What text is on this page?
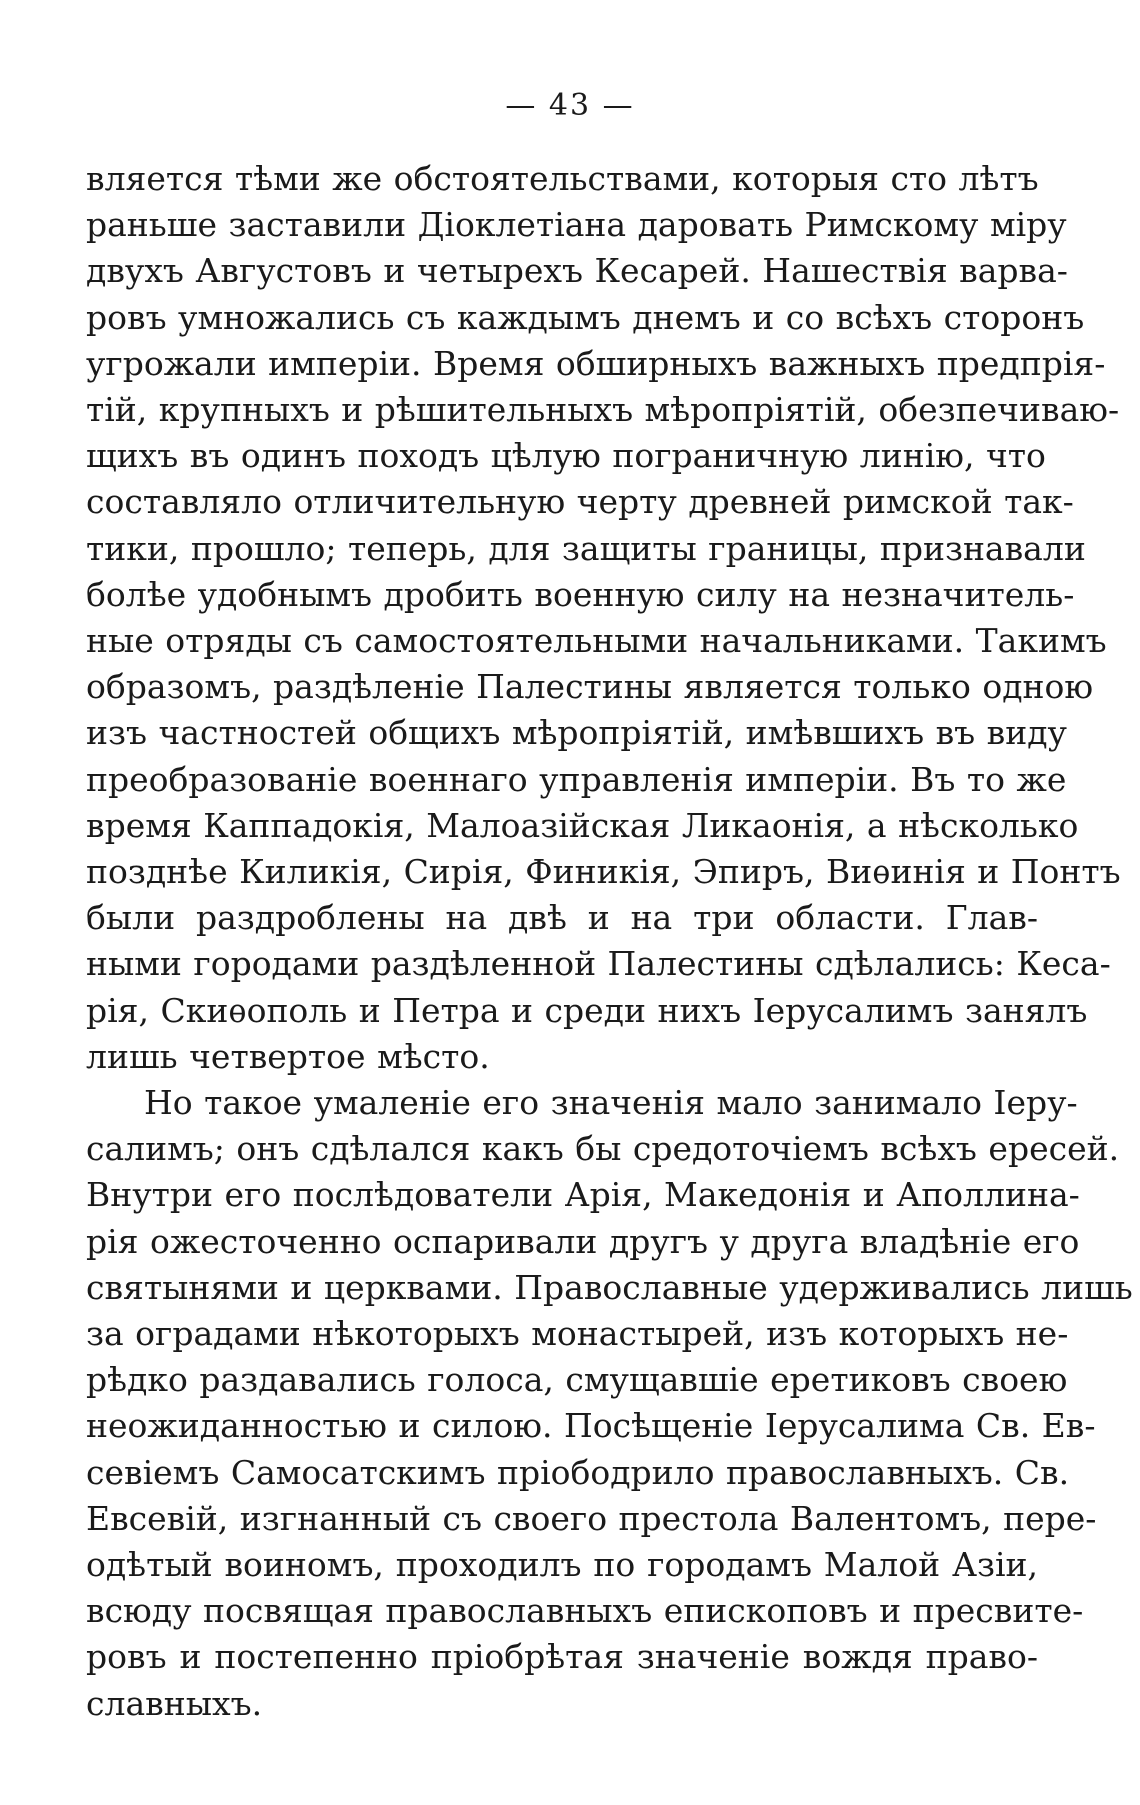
— 43 —
вляется тѣми же обстоятельствами, которыя сто лѣтъ
раньше заставили Діоклетіана даровать Римскому міру
двухъ Августовъ и четырехъ Кесарей. Нашествія варва-
ровъ умножались съ каждымъ днемъ и со всѣхъ сторонъ
угрожали имперіи. Время обширныхъ важныхъ предпрія-
тій, крупныхъ и рѣшительныхъ мѣропріятій, обезпечиваю-
щихъ въ одинъ походъ цѣлую пограничную линію, что
составляло отличительную черту древней римской так-
тики, прошло; теперь, для защиты границы, признавали
болѣе удобнымъ дробить военную силу на незначитель-
ные отряды съ самостоятельными начальниками. Такимъ
образомъ, раздѣленіе Палестины является только одною
изъ частностей общихъ мѣропріятій, имѣвшихъ въ виду
преобразованіе военнаго управленія имперіи. Въ то же
время Каппадокія, Малоазійская Ликаонія, а нѣсколько
позднѣе Киликія, Сирія, Финикія, Эпиръ, Виѳинія и Понтъ
были раздроблены на двѣ и на три области. Глав-
ными городами раздѣленной Палестины сдѣлались: Кеса-
рія, Скиѳополь и Петра и среди нихъ Іерусалимъ занялъ
лишь четвертое мѣсто.
Но такое умаленіе его значенія мало занимало Іеру-
салимъ; онъ сдѣлался какъ бы средоточіемъ всѣхъ ересей.
Внутри его послѣдователи Арія, Македонія и Аполлина-
рія ожесточенно оспаривали другъ у друга владѣніе его
святынями и церквами. Православные удерживались лишь
за оградами нѣкоторыхъ монастырей, изъ которыхъ не-
рѣдко раздавались голоса, смущавшіе еретиковъ своею
неожиданностью и силою. Посѣщеніе Іерусалима Св. Ев-
севіемъ Самосатскимъ пріободрило православныхъ. Св.
Евсевій, изгнанный съ своего престола Валентомъ, пере-
одѣтый воиномъ, проходилъ по городамъ Малой Азіи,
всюду посвящая православныхъ епископовъ и пресвите-
ровъ и постепенно пріобрѣтая значеніе вождя право-
славныхъ.
